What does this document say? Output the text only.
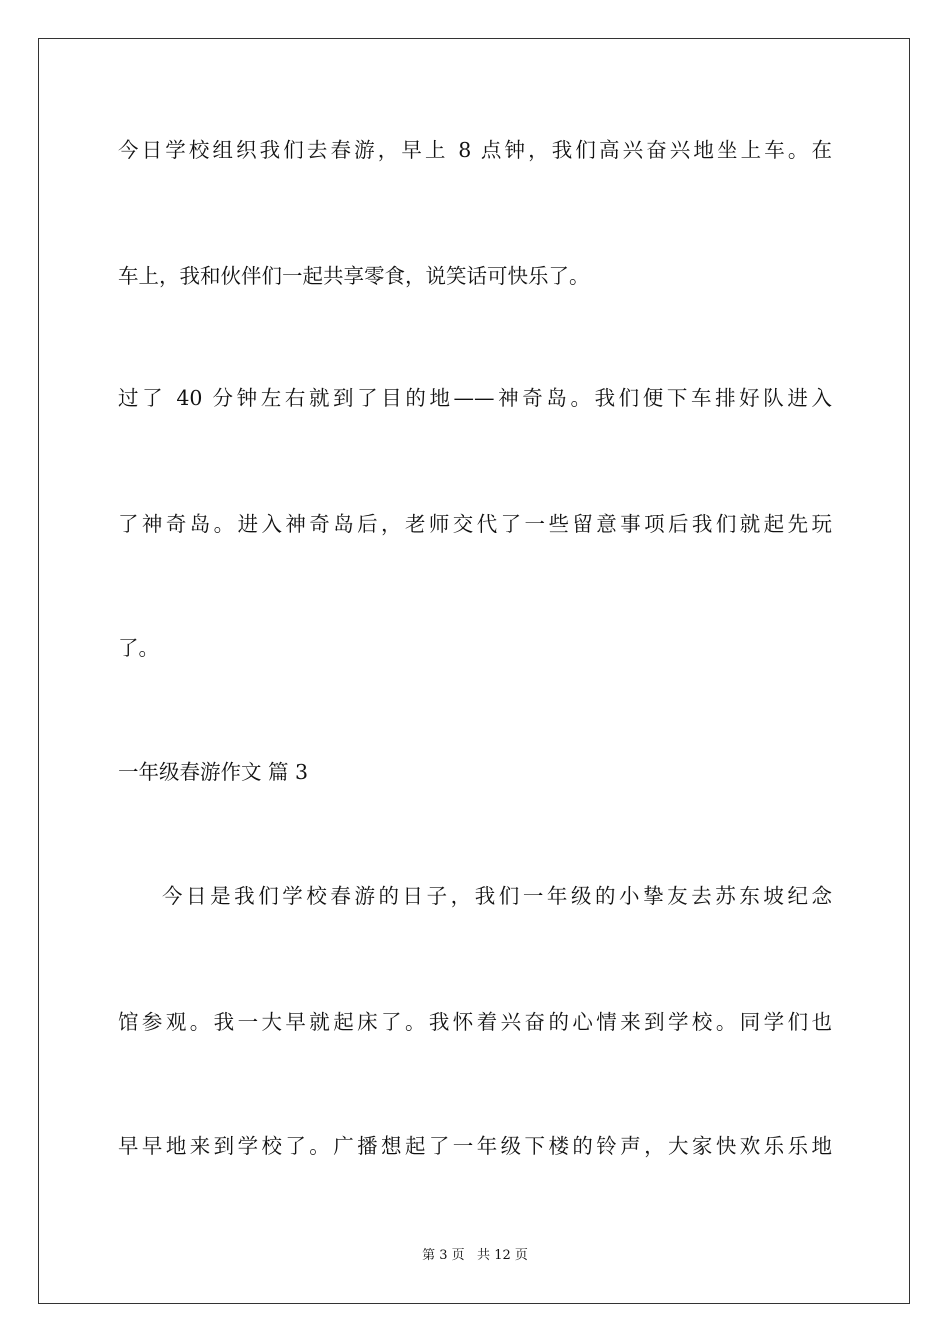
今日学校组织我们去春游，早上 8 点钟，我们高兴奋兴地坐上车。在
车上，我和伙伴们一起共享零食，说笑话可快乐了。
过了 40 分钟左右就到了目的地——神奇岛。我们便下车排好队进入
了神奇岛。进入神奇岛后，老师交代了一些留意事项后我们就起先玩
了。
一年级春游作文 篇 3
今日是我们学校春游的日子，我们一年级的小挚友去苏东坡纪念
馆参观。我一大早就起床了。我怀着兴奋的心情来到学校。同学们也
早早地来到学校了。广播想起了一年级下楼的铃声，大家快欢乐乐地
第 3 页   共 12 页
